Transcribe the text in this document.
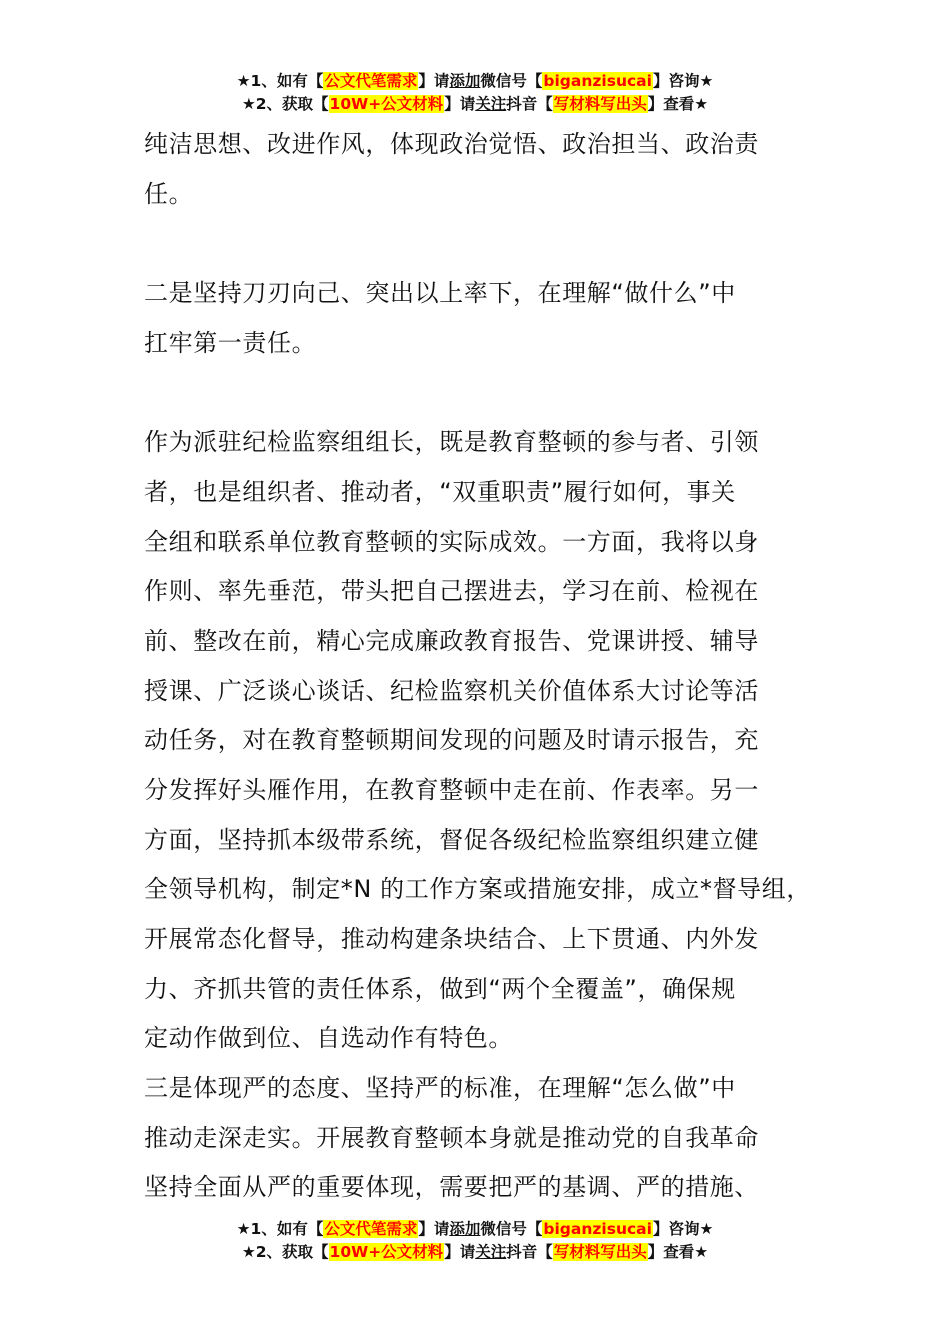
★1、如有【公文代笔需求】请添加微信号【biganzisucai】咨询★
★2、获取【10W+公文材料】请关注抖音【写材料写出头】查看★
纯洁思想、改进作风，体现政治觉悟、政治担当、政治责
任。
二是坚持刀刃向己、突出以上率下，在理解“做什么”中
扛牢第一责任。
作为派驻纪检监察组组长，既是教育整顿的参与者、引领
者，也是组织者、推动者，“双重职责”履行如何，事关
全组和联系单位教育整顿的实际成效。一方面，我将以身
作则、率先垂范，带头把自己摆进去，学习在前、检视在
前、整改在前，精心完成廉政教育报告、党课讲授、辅导
授课、广泛谈心谈话、纪检监察机关价值体系大讨论等活
动任务，对在教育整顿期间发现的问题及时请示报告，充
分发挥好头雁作用，在教育整顿中走在前、作表率。另一
方面，坚持抓本级带系统，督促各级纪检监察组织建立健
全领导机构，制定*N 的工作方案或措施安排，成立*督导组，
开展常态化督导，推动构建条块结合、上下贯通、内外发
力、齐抓共管的责任体系，做到“两个全覆盖”，确保规
定动作做到位、自选动作有特色。
三是体现严的态度、坚持严的标准，在理解“怎么做”中
推动走深走实。开展教育整顿本身就是推动党的自我革命
坚持全面从严的重要体现，需要把严的基调、严的措施、
★1、如有【公文代笔需求】请添加微信号【biganzisucai】咨询★
★2、获取【10W+公文材料】请关注抖音【写材料写出头】查看★
